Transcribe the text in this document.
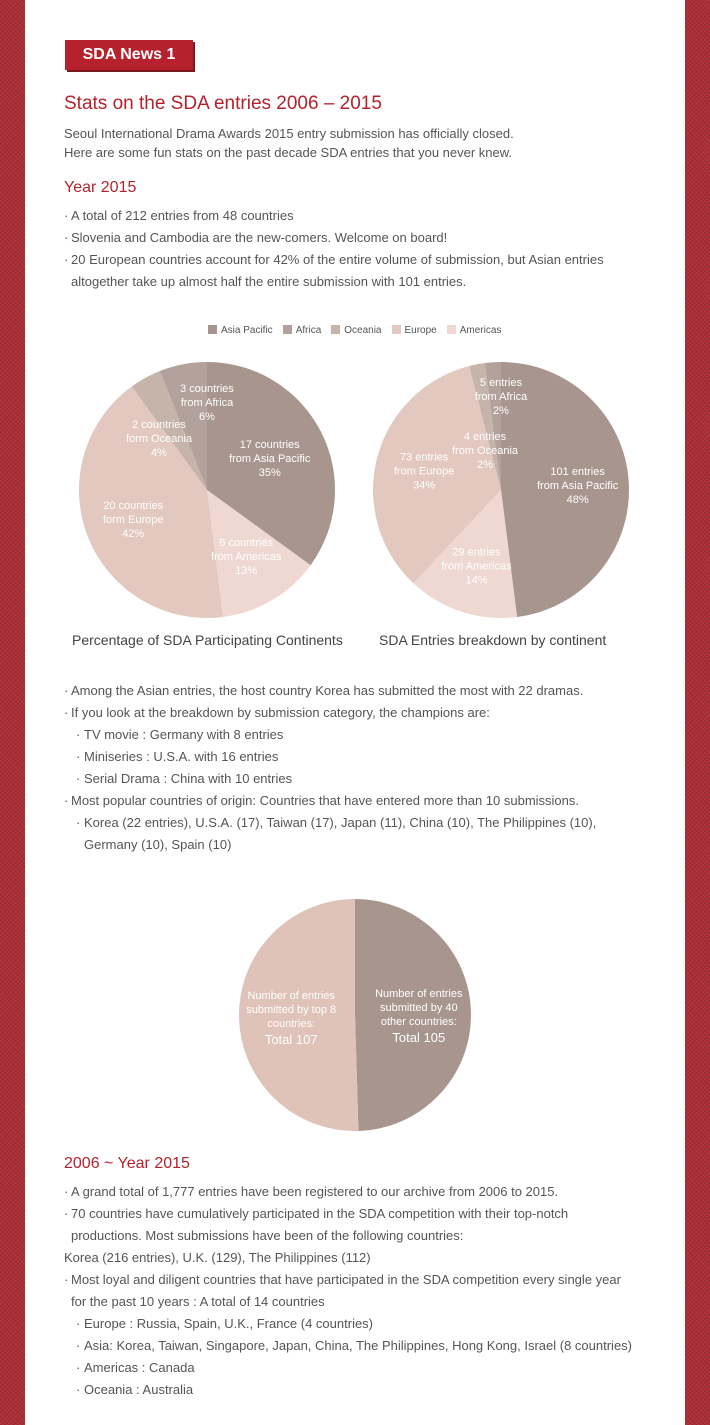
SDA News 1
Stats on the SDA entries 2006 – 2015
Seoul International Drama Awards 2015 entry submission has officially closed.
Here are some fun stats on the past decade SDA entries that you never knew.
Year 2015
· A total of 212 entries from 48 countries
· Slovenia and Cambodia are the new-comers. Welcome on board!
· 20 European countries account for 42% of the entire volume of submission, but Asian entries
altogether take up almost half the entire submission with 101 entries.
Asia Pacific Africa Oceania Europe Americas
17 countries
from Asia Pacific
35%
6 countries
from Americas
13%
20 countries
form Europe
42%
2 countries
form Oceania
4%
3 countries
from Africa
6%
101 entries
from Asia Pacific
48%
29 entries
from Americas
14%
73 entries
from Europe
34%
4 entries
from Oceania
2%
5 entries
from Africa
2%
Number of entries
submitted by 40
other countries:
Total 105
Number of entries
submitted by top 8
countries:
Total 107
Percentage of SDA Participating Continents	SDA Entries breakdown by continent
· Among the Asian entries, the host country Korea has submitted the most with 22 dramas.
· If you look at the breakdown by submission category, the champions are:
· TV movie : Germany with 8 entries
· Miniseries : U.S.A. with 16 entries
· Serial Drama : China with 10 entries
· Most popular countries of origin: Countries that have entered more than 10 submissions.
· Korea (22 entries), U.S.A. (17), Taiwan (17), Japan (11), China (10), The Philippines (10),
Germany (10), Spain (10)
2006 ~ Year 2015
· A grand total of 1,777 entries have been registered to our archive from 2006 to 2015.
· 70 countries have cumulatively participated in the SDA competition with their top-notch
productions. Most submissions have been of the following countries:
Korea (216 entries), U.K. (129), The Philippines (112)
· Most loyal and diligent countries that have participated in the SDA competition every single year
for the past 10 years : A total of 14 countries
· Europe : Russia, Spain, U.K., France (4 countries)
· Asia: Korea, Taiwan, Singapore, Japan, China, The Philippines, Hong Kong, Israel (8 countries)
· Americas : Canada
· Oceania : Australia
